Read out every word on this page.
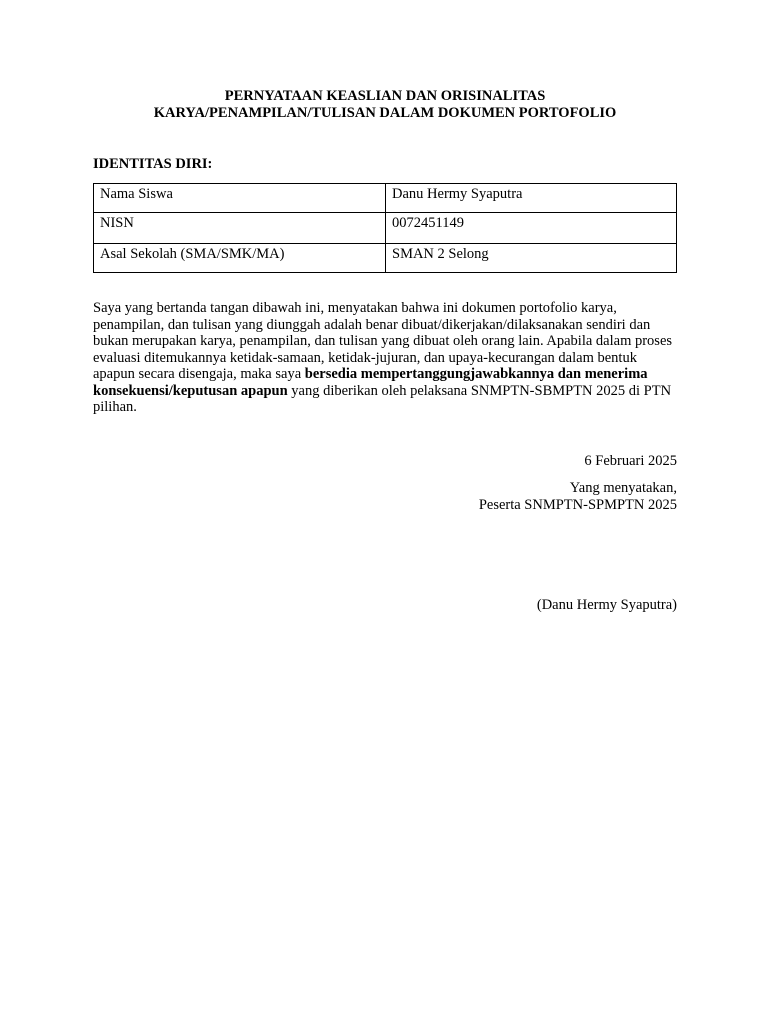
PERNYATAAN KEASLIAN DAN ORISINALITAS
KARYA/PENAMPILAN/TULISAN DALAM DOKUMEN PORTOFOLIO
IDENTITAS DIRI:
Nama Siswa	Danu Hermy Syaputra
NISN	0072451149
Asal Sekolah (SMA/SMK/MA)	SMAN 2 Selong
Saya yang bertanda tangan dibawah ini, menyatakan bahwa ini dokumen portofolio karya, penampilan, dan tulisan yang diunggah adalah benar dibuat/dikerjakan/dilaksanakan sendiri dan bukan merupakan karya, penampilan, dan tulisan yang dibuat oleh orang lain. Apabila dalam proses evaluasi ditemukannya ketidak-samaan, ketidak-jujuran, dan upaya-kecurangan dalam bentuk apapun secara disengaja, maka saya bersedia mempertanggungjawabkannya dan menerima konsekuensi/keputusan apapun yang diberikan oleh pelaksana SNMPTN-SBMPTN 2025 di PTN pilihan.
6 Februari 2025
Yang menyatakan,
Peserta SNMPTN-SPMPTN 2025
(Danu Hermy Syaputra)
